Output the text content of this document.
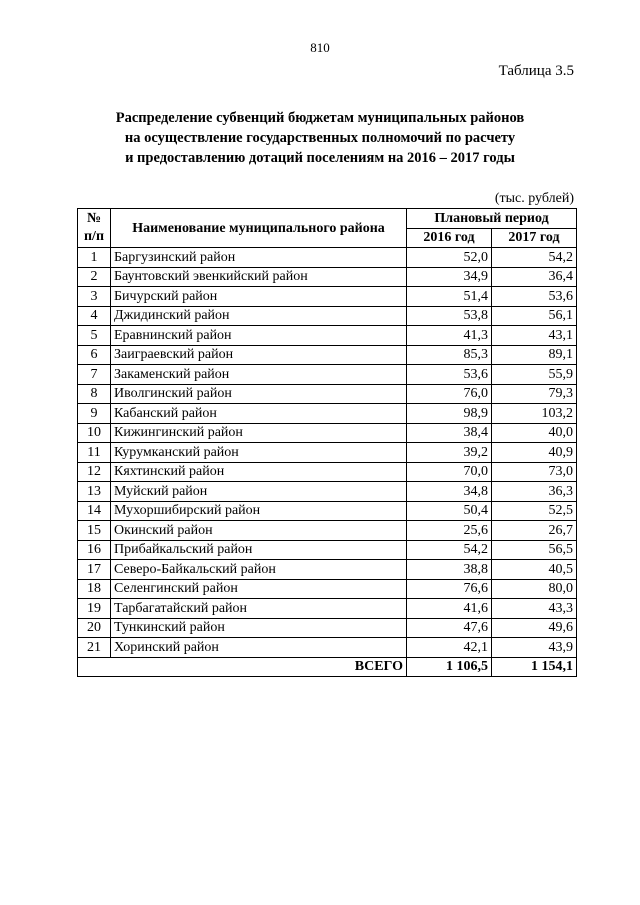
810
Таблица 3.5
Распределение субвенций бюджетам муниципальных районов
на осуществление государственных полномочий по расчету
и предоставлению дотаций поселениям на 2016 – 2017 годы
(тыс. рублей)
№
п/п	Наименование муниципального района	Плановый период	
		2016 год	2017 год
1	Баргузинский район	52,0	54,2
2	Баунтовский эвенкийский район	34,9	36,4
3	Бичурский район	51,4	53,6
4	Джидинский район	53,8	56,1
5	Еравнинский район	41,3	43,1
6	Заиграевский район	85,3	89,1
7	Закаменский район	53,6	55,9
8	Иволгинский район	76,0	79,3
9	Кабанский район	98,9	103,2
10	Кижингинский район	38,4	40,0
11	Курумканский район	39,2	40,9
12	Кяхтинский район	70,0	73,0
13	Муйский район	34,8	36,3
14	Мухоршибирский район	50,4	52,5
15	Окинский район	25,6	26,7
16	Прибайкальский район	54,2	56,5
17	Северо-Байкальский район	38,8	40,5
18	Селенгинский район	76,6	80,0
19	Тарбагатайский район	41,6	43,3
20	Тункинский район	47,6	49,6
21	Хоринский район	42,1	43,9
	ВСЕГО	1 106,5	1 154,1
